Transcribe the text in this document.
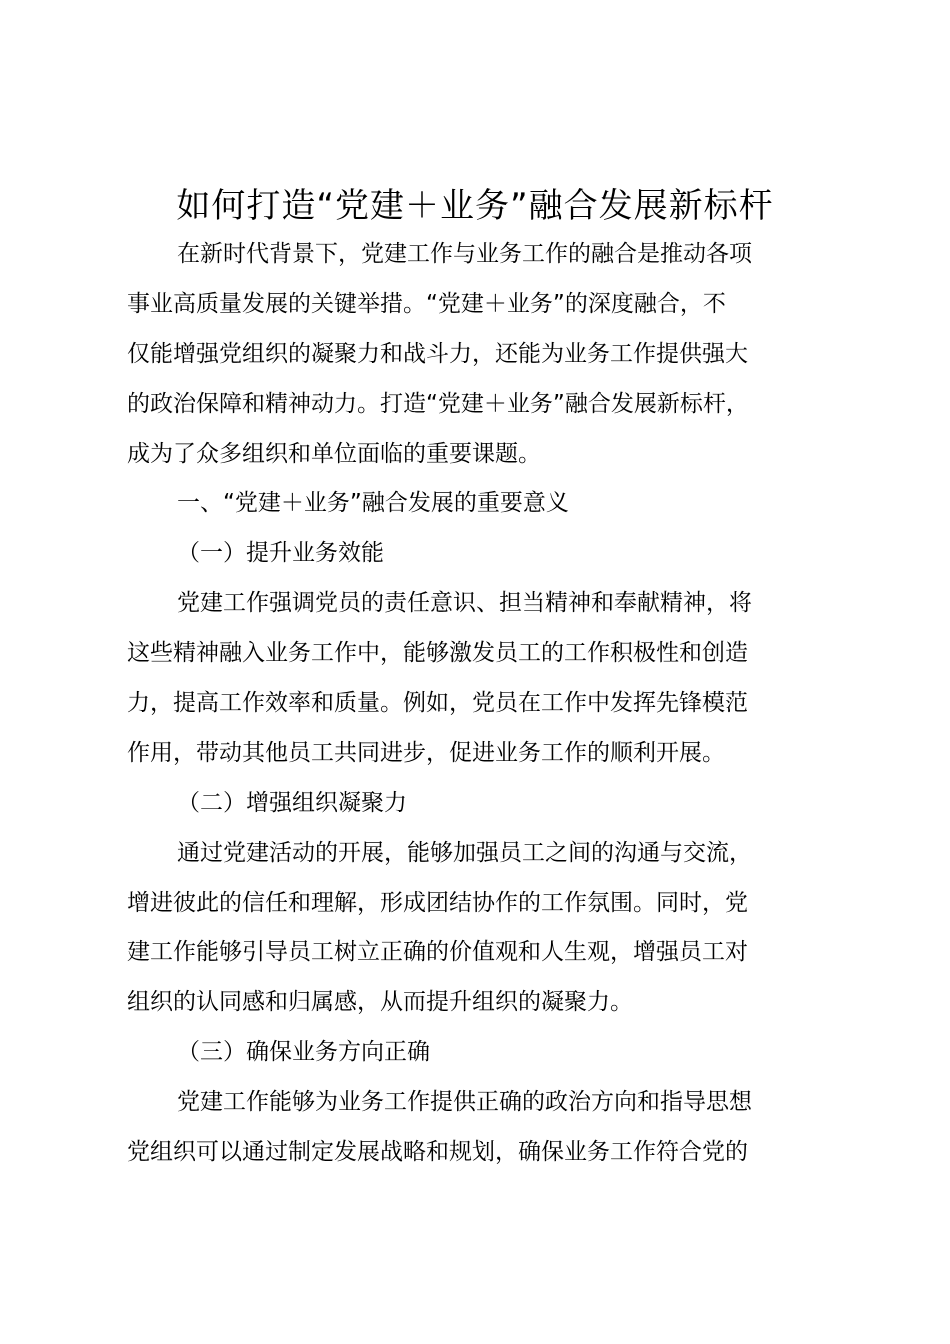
如何打造“党建＋业务”融合发展新标杆
在新时代背景下，党建工作与业务工作的融合是推动各项
事业高质量发展的关键举措。“党建＋业务”的深度融合，不
仅能增强党组织的凝聚力和战斗力，还能为业务工作提供强大
的政治保障和精神动力。打造“党建＋业务”融合发展新标杆，
成为了众多组织和单位面临的重要课题。
一、“党建＋业务”融合发展的重要意义
（一）提升业务效能
党建工作强调党员的责任意识、担当精神和奉献精神，将
这些精神融入业务工作中，能够激发员工的工作积极性和创造
力，提高工作效率和质量。例如，党员在工作中发挥先锋模范
作用，带动其他员工共同进步，促进业务工作的顺利开展。
（二）增强组织凝聚力
通过党建活动的开展，能够加强员工之间的沟通与交流，
增进彼此的信任和理解，形成团结协作的工作氛围。同时，党
建工作能够引导员工树立正确的价值观和人生观，增强员工对
组织的认同感和归属感，从而提升组织的凝聚力。
（三）确保业务方向正确
党建工作能够为业务工作提供正确的政治方向和指导思想
党组织可以通过制定发展战略和规划，确保业务工作符合党的
